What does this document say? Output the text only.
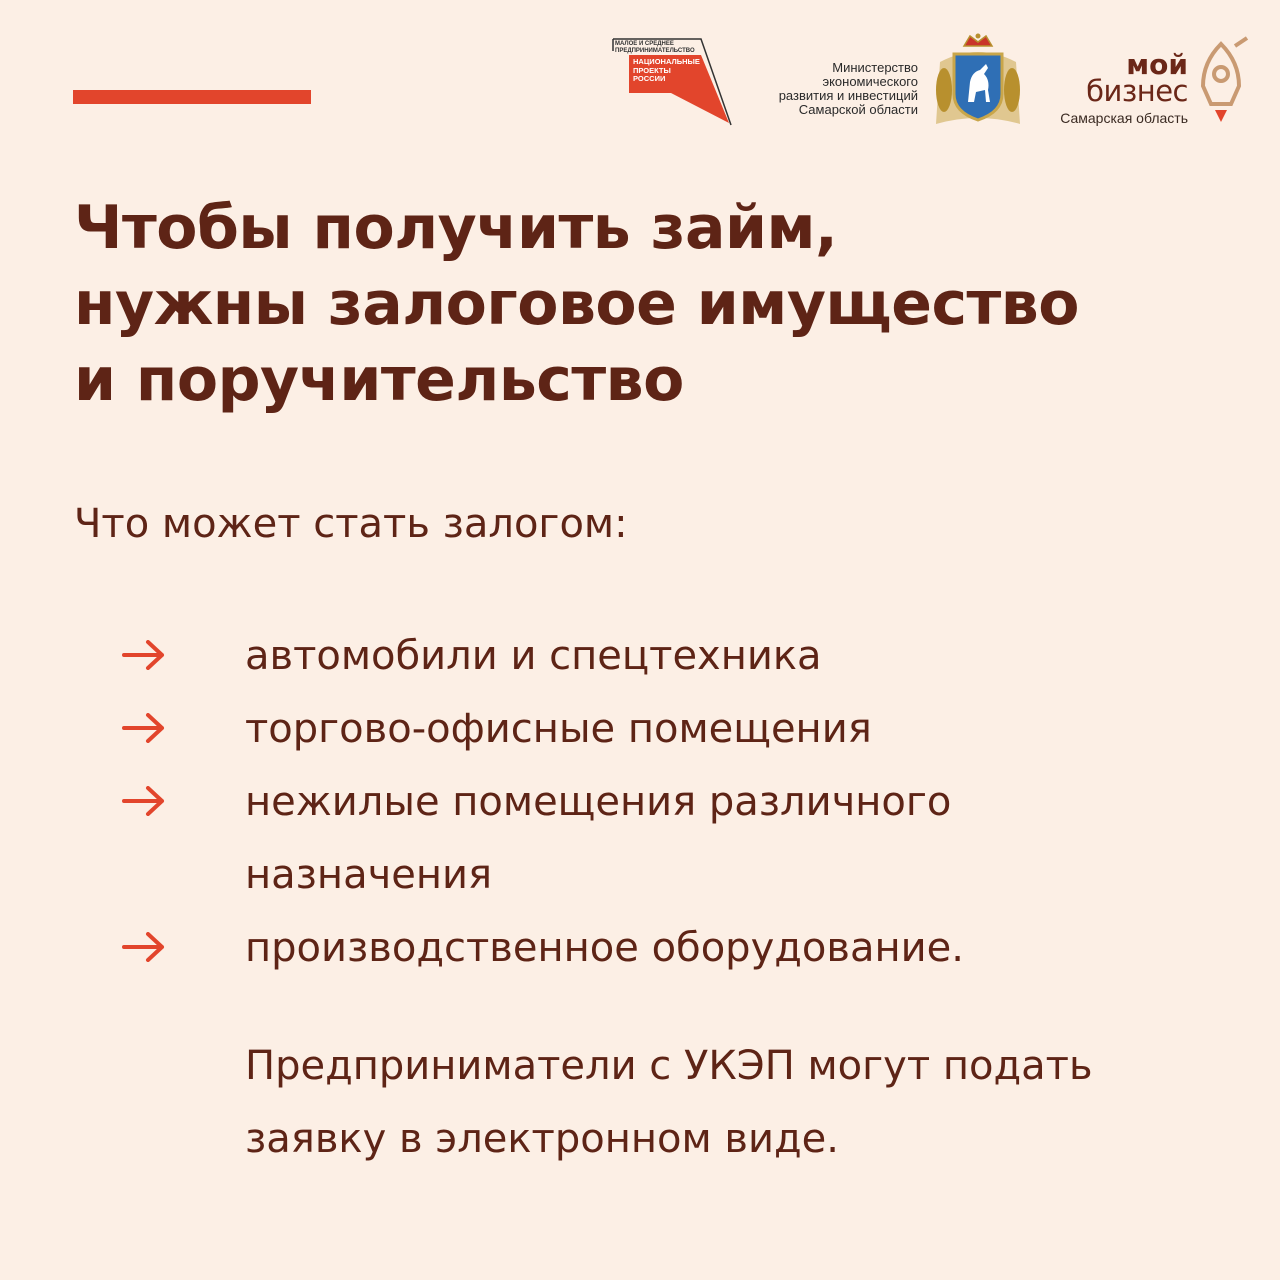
МАЛОЕ И СРЕДНЕЕ ПРЕДПРИНИМАТЕЛЬСТВО
НАЦИОНАЛЬНЫЕ ПРОЕКТЫ РОССИИ
Министерство
экономического
развития и инвестиций
Самарской области
мой
бизнес
Самарская область
Чтобы получить займ,
нужны залоговое имущество
и поручительство
Что может стать залогом:
автомобили и спецтехника
торгово-офисные помещения
нежилые помещения различного назначения
производственное оборудование.
Предприниматели с УКЭП могут подать заявку в электронном виде.
